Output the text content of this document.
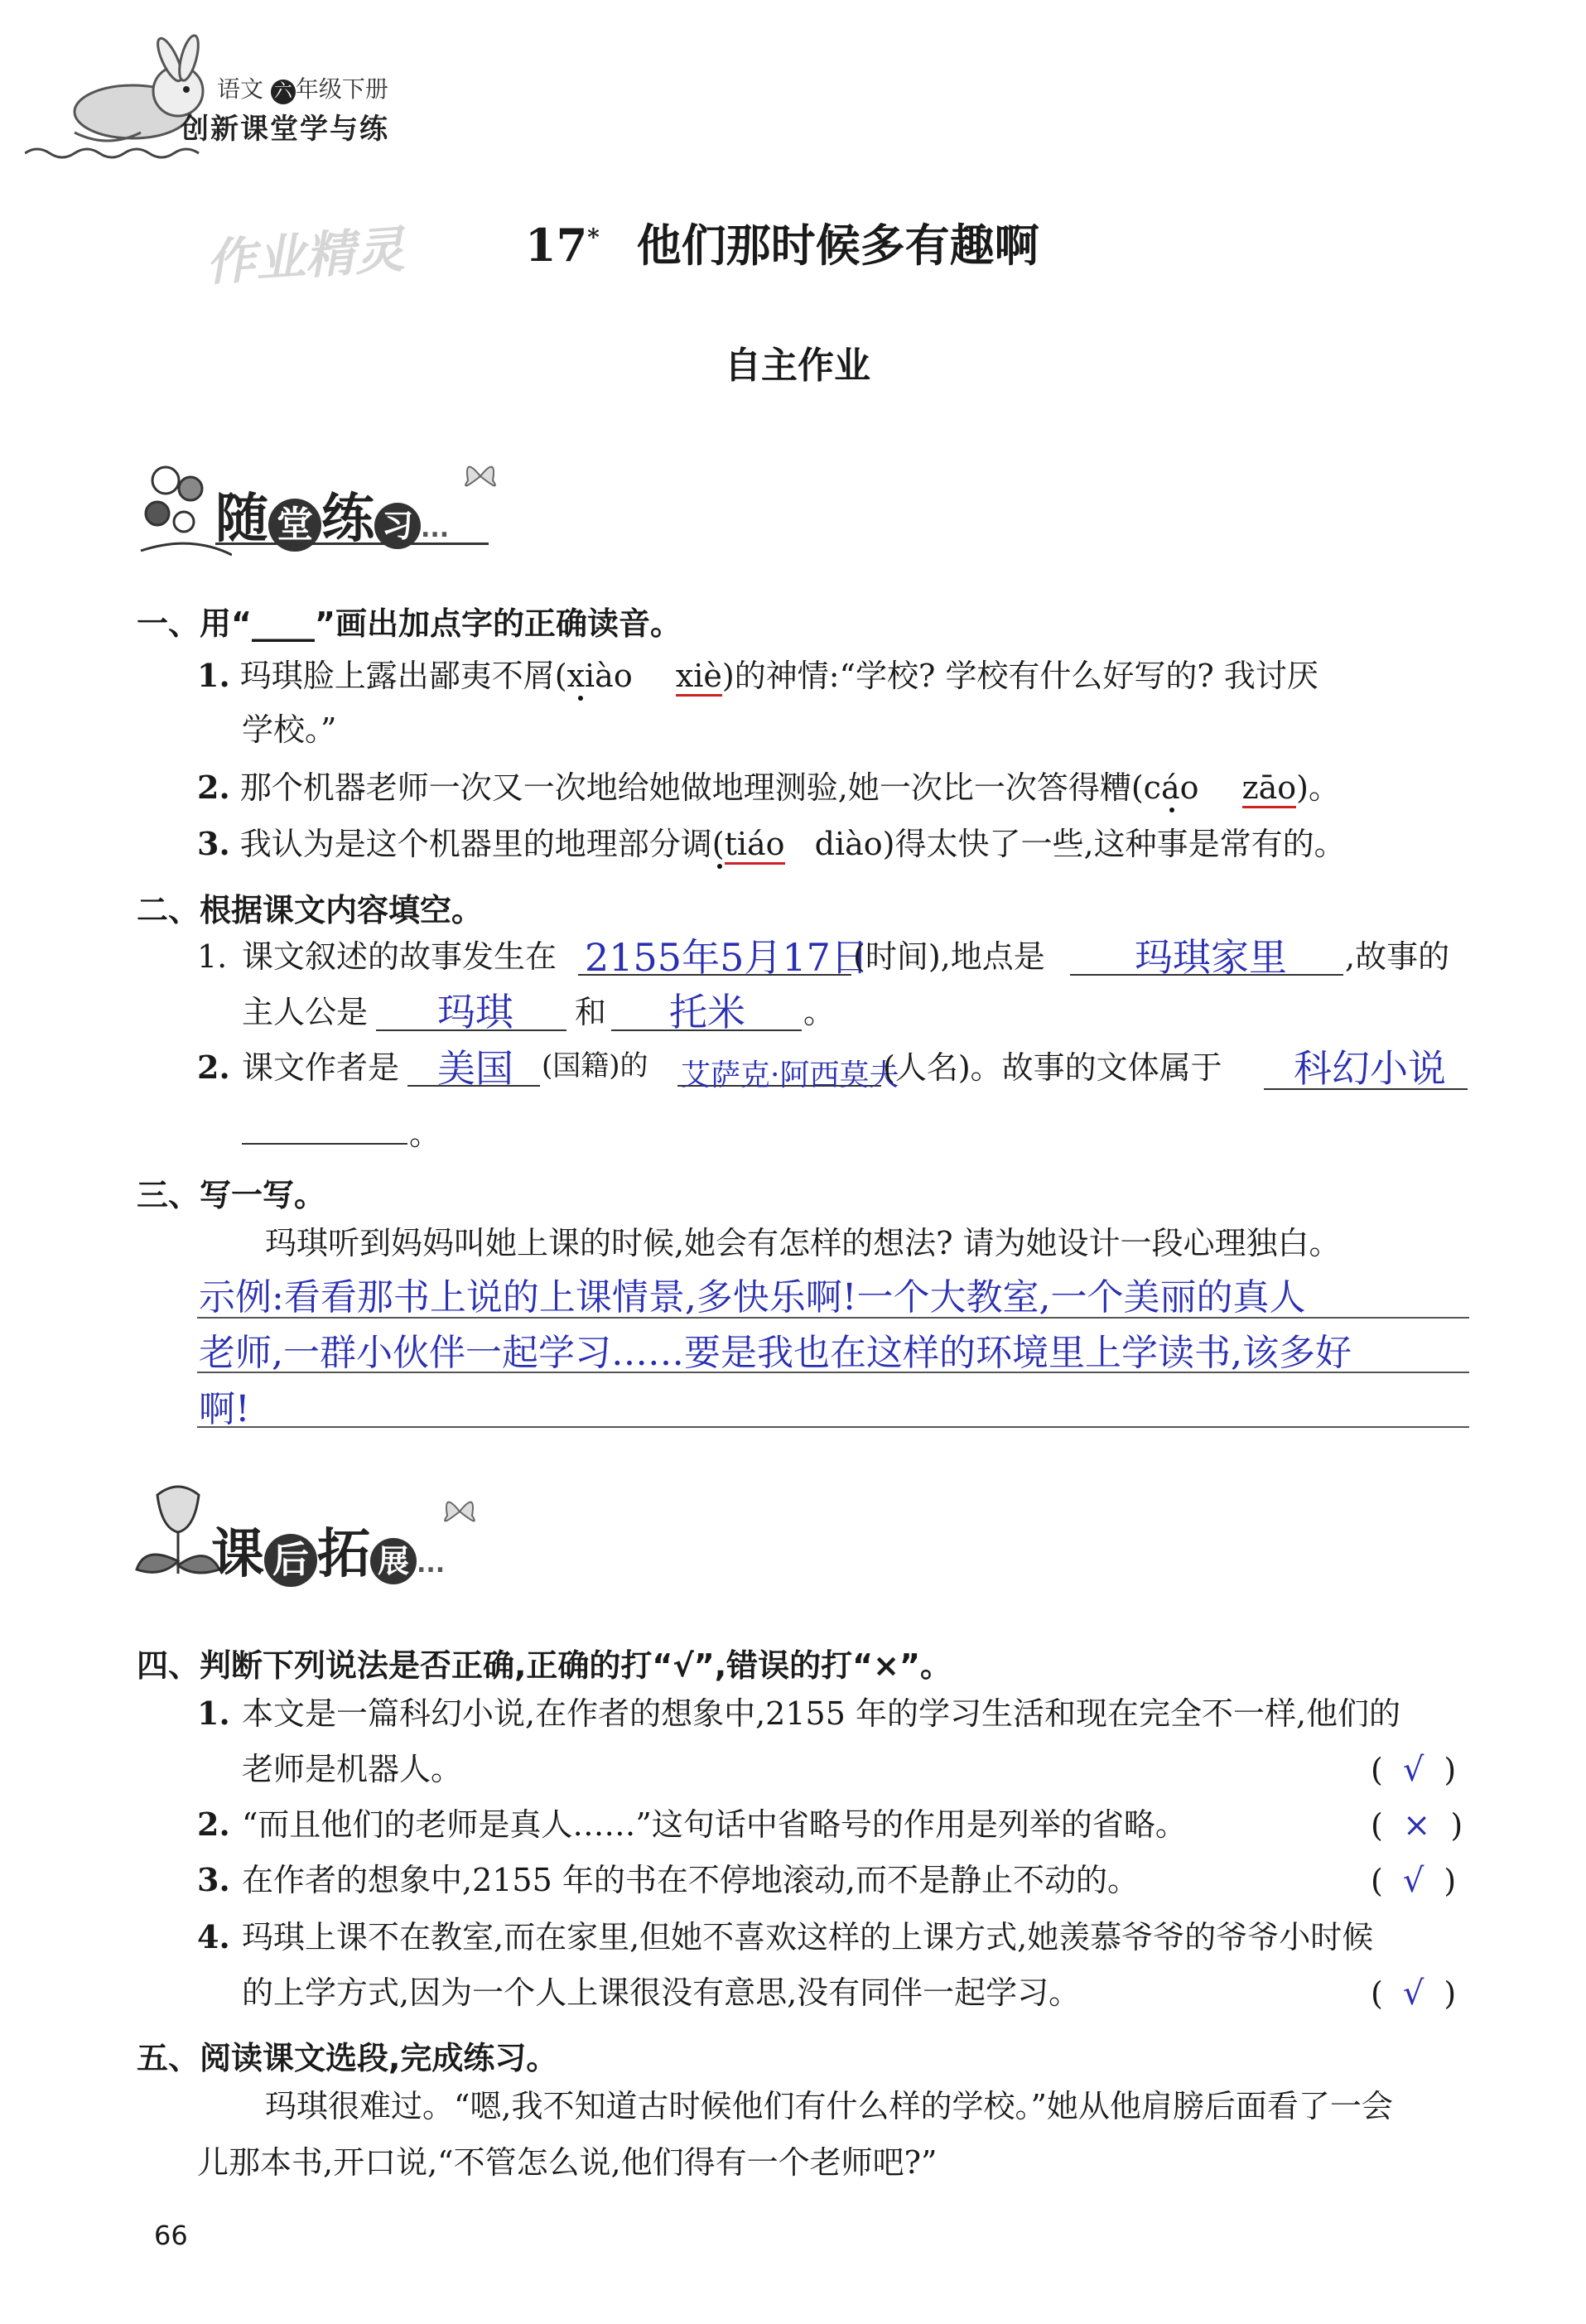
语文 六 年级下册
创新课堂学与练
作业精灵	17* 他们那时候多有趣啊
自主作业
随 堂 练 习 ...
一、用“____”画出加点字的正确读音。
1. 玛琪脸上露出鄙夷不屑(xiào xiè)的神情:“学校? 学校有什么好写的? 我讨厌
学校。”
2. 那个机器老师一次又一次地给她做地理测验,她一次比一次答得糟(cáo zāo)。
3. 我认为是这个机器里的地理部分调(tiáo diào)得太快了一些,这种事是常有的。
二、根据课文内容填空。
1. 课文叙述的故事发生在 2155年5月17日
(时间),地点是 玛琪家里 ,故事的
主人公是 玛琪 和 托米 。
2. 课文作者是 美国 (国籍)的 艾萨克·阿西莫夫
(人名)。故事的文体属于 科幻小说
。
三、写一写。
玛琪听到妈妈叫她上课的时候,她会有怎样的想法? 请为她设计一段心理独白。
示例:看看那书上说的上课情景,多快乐啊!一个大教室,一个美丽的真人
老师,一群小伙伴一起学习……要是我也在这样的环境里上学读书,该多好
啊!
课 后 拓 展 ...
四、判断下列说法是否正确,正确的打“√”,错误的打“×”。
1. 本文是一篇科幻小说,在作者的想象中,2155 年的学习生活和现在完全不一样,他们的
老师是机器人。	( √ )
2. “而且他们的老师是真人……”这句话中省略号的作用是列举的省略。	( × )
3. 在作者的想象中,2155 年的书在不停地滚动,而不是静止不动的。	( √ )
4. 玛琪上课不在教室,而在家里,但她不喜欢这样的上课方式,她羡慕爷爷的爷爷小时候
的上学方式,因为一个人上课很没有意思,没有同伴一起学习。	( √ )
五、阅读课文选段,完成练习。
玛琪很难过。“嗯,我不知道古时候他们有什么样的学校。”她从他肩膀后面看了一会
儿那本书,开口说,“不管怎么说,他们得有一个老师吧?”
66
